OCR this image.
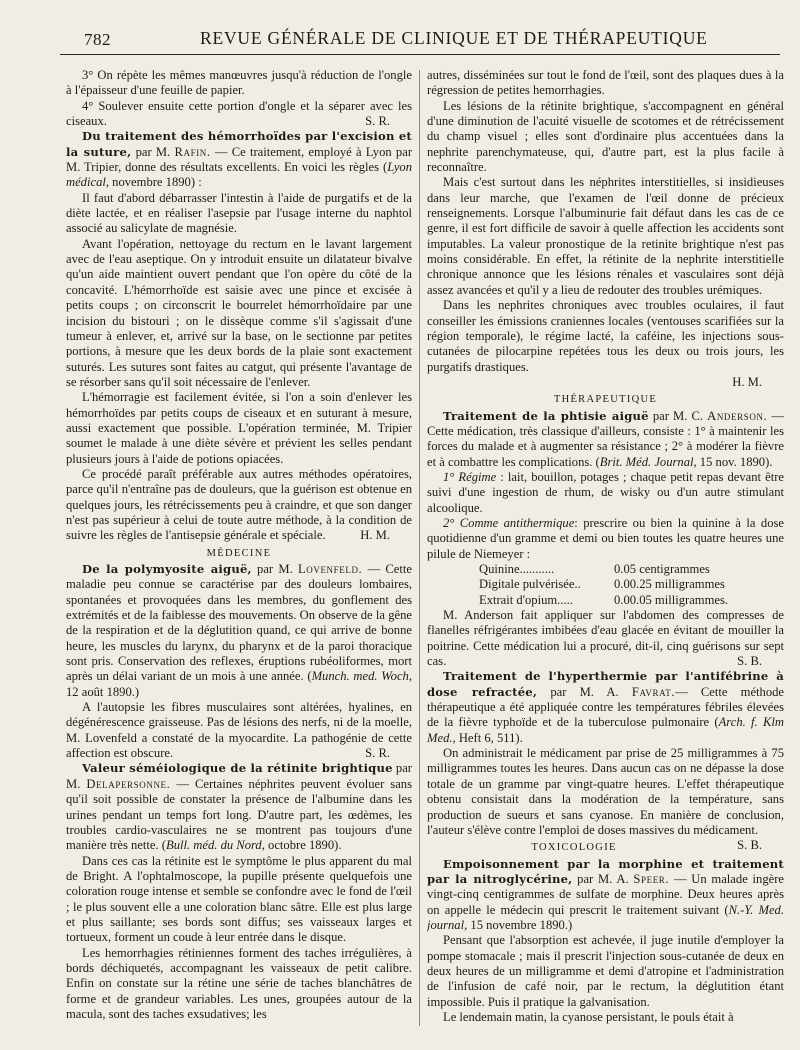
782	REVUE GÉNÉRALE DE CLINIQUE ET DE THÉRAPEUTIQUE

3° On répète les mêmes manœuvres jusqu'à réduction de l'ongle à l'épaisseur d'une feuille de papier.

4° Soulever ensuite cette portion d'ongle et la séparer avec les ciseaux.	S. R.

Du traitement des hémorrhoïdes par l'excision et la suture, par M. Rafin. — Ce traitement, employé à Lyon par M. Tripier, donne des résultats excellents. En voici les règles (Lyon médical, novembre 1890) :

Il faut d'abord débarrasser l'intestin à l'aide de purgatifs et de la diète lactée, et en réaliser l'asepsie par l'usage interne du naphtol associé au salicylate de magnésie.

Avant l'opération, nettoyage du rectum en le lavant largement avec de l'eau aseptique. On y introduit ensuite un dilatateur bivalve qu'un aide maintient ouvert pendant que l'on opère du côté de la concavité. L'hémorrhoïde est saisie avec une pince et excisée à petits coups ; on circonscrit le bourrelet hémorrhoïdaire par une incision du bistouri ; on le dissèque comme s'il s'agissait d'une tumeur à enlever, et, arrivé sur la base, on le sectionne par petites portions, à mesure que les deux bords de la plaie sont exactement suturés. Les sutures sont faites au catgut, qui présente l'avantage de se résorber sans qu'il soit nécessaire de l'enlever.

L'hémorragie est facilement évitée, si l'on a soin d'enlever les hémorrhoïdes par petits coups de ciseaux et en suturant à mesure, aussi exactement que possible. L'opération terminée, M. Tripier soumet le malade à une diète sévère et prévient les selles pendant plusieurs jours à l'aide de potions opiacées.

Ce procédé paraît préférable aux autres méthodes opératoires, parce qu'il n'entraîne pas de douleurs, que la guérison est obtenue en quelques jours, les rétrécissements peu à craindre, et que son danger n'est pas supérieur à celui de toute autre méthode, à la condition de suivre les règles de l'antisepsie générale et spéciale.	H. M.

MÉDECINE

De la polymyosite aiguë, par M. Lovenfeld. — Cette maladie peu connue se caractérise par des douleurs lombaires, spontanées et provoquées dans les membres, du gonflement des extrémités et de la faiblesse des mouvements. On observe de la gêne de la respiration et de la déglutition quand, ce qui arrive de bonne heure, les muscles du larynx, du pharynx et de la paroi thoracique sont pris. Conservation des reflexes, éruptions rubéoliformes, mort après un délai variant de un mois à une année. (Munch. med. Woch, 12 août 1890.)

A l'autopsie les fibres musculaires sont altérées, hyalines, en dégénérescence graisseuse. Pas de lésions des nerfs, ni de la moelle, M. Lovenfeld a constaté de la myocardite. La pathogénie de cette affection est obscure.	S. R.

Valeur séméiologique de la rétinite brightique par M. Delapersonne. — Certaines néphrites peuvent évoluer sans qu'il soit possible de constater la présence de l'albumine dans les urines pendant un temps fort long. D'autre part, les œdèmes, les troubles cardio-vasculaires ne se montrent pas toujours d'une manière très nette. (Bull. méd. du Nord, octobre 1890).

Dans ces cas la rétinite est le symptôme le plus apparent du mal de Bright. A l'ophtalmoscope, la pupille présente quelquefois une coloration rouge intense et semble se confondre avec le fond de l'œil ; le plus souvent elle a une coloration blanc sâtre. Elle est plus large et plus saillante; ses bords sont diffus; ses vaisseaux larges et tortueux, forment un coude à leur entrée dans le disque.

Les hemorrhagies rétiniennes forment des taches irrégulières, à bords déchiquetés, accompagnant les vaisseaux de petit calibre. Enfin on constate sur la rétine une série de taches blanchâtres de forme et de grandeur variables. Les unes, groupées autour de la macula, sont des taches exsudatives; les

autres, disséminées sur tout le fond de l'œil, sont des plaques dues à la régression de petites hemorrhagies.

Les lésions de la rétinite brightique, s'accompagnent en général d'une diminution de l'acuité visuelle de scotomes et de rétrécissement du champ visuel ; elles sont d'ordinaire plus accentuées dans la nephrite parenchymateuse, qui, d'autre part, est la plus facile à reconnaître.

Mais c'est surtout dans les néphrites interstitielles, si insidieuses dans leur marche, que l'examen de l'œil donne de précieux renseignements. Lorsque l'albuminurie fait défaut dans les cas de ce genre, il est fort difficile de savoir à quelle affection les accidents sont imputables. La valeur pronostique de la retinite brightique n'est pas moins considérable. En effet, la rétinite de la nephrite interstitielle chronique annonce que les lésions rénales et vasculaires sont déjà assez avancées et qu'il y a lieu de redouter des troubles urémiques.

Dans les nephrites chroniques avec troubles oculaires, il faut conseiller les émissions craniennes locales (ventouses scarifiées sur la région temporale), le régime lacté, la caféine, les injections sous-cutanées de pilocarpine repétées tous les deux ou trois jours, les purgatifs drastiques.

H. M.
THÉRAPEUTIQUE

Traitement de la phtisie aiguë par M. C. Anderson. — Cette médication, très classique d'ailleurs, consiste : 1° à maintenir les forces du malade et à augmenter sa résistance ; 2° à modérer la fièvre et à combattre les complications. (Brit. Méd. Journal, 15 nov. 1890).

1° Régime : lait, bouillon, potages ; chaque petit repas devant être suivi d'une ingestion de rhum, de wisky ou d'un autre stimulant alcoolique.

2° Comme antithermique: prescrire ou bien la quinine à la dose quotidienne d'un gramme et demi ou bien toutes les quatre heures une pilule de Niemeyer :

Quinine...........	0.05 centigrammes
Digitale pulvérisée..	0.00.25 milligrammes
Extrait d'opium.....	0.00.05 milligrammes.

M. Anderson fait appliquer sur l'abdomen des compresses de flanelles réfrigérantes imbibées d'eau glacée en évitant de mouiller la poitrine. Cette médication lui a procuré, dit-il, cinq guérisons sur sept cas.	S. B.

Traitement de l'hyperthermie par l'antifébrine à dose refractée, par M. A. Favrat.— Cette méthode thérapeutique a été appliquée contre les températures fébriles élevées de la fièvre typhoïde et de la tuberculose pulmonaire (Arch. f. Klm Med., Heft 6, 511).

On administrait le médicament par prise de 25 milligrammes à 75 milligrammes toutes les heures. Dans aucun cas on ne dépasse la dose totale de un gramme par vingt-quatre heures. L'effet thérapeutique obtenu consistait dans la modération de la température, sans production de sueurs et sans cyanose. En manière de conclusion, l'auteur s'élève contre l'emploi de doses massives du médicament.
S. B.

TOXICOLOGIE

Empoisonnement par la morphine et traitement par la nitroglycérine, par M. A. Speer. — Un malade ingère vingt-cinq centigrammes de sulfate de morphine. Deux heures après on appelle le médecin qui prescrit le traitement suivant (N.-Y. Med. journal, 15 novembre 1890.)

Pensant que l'absorption est achevée, il juge inutile d'employer la pompe stomacale ; mais il prescrit l'injection sous-cutanée de deux en deux heures de un milligramme et demi d'atropine et l'administration de l'infusion de café noir, par le rectum, la déglutition étant impossible. Puis il pratique la galvanisation.

Le lendemain matin, la cyanose persistant, le pouls était à
